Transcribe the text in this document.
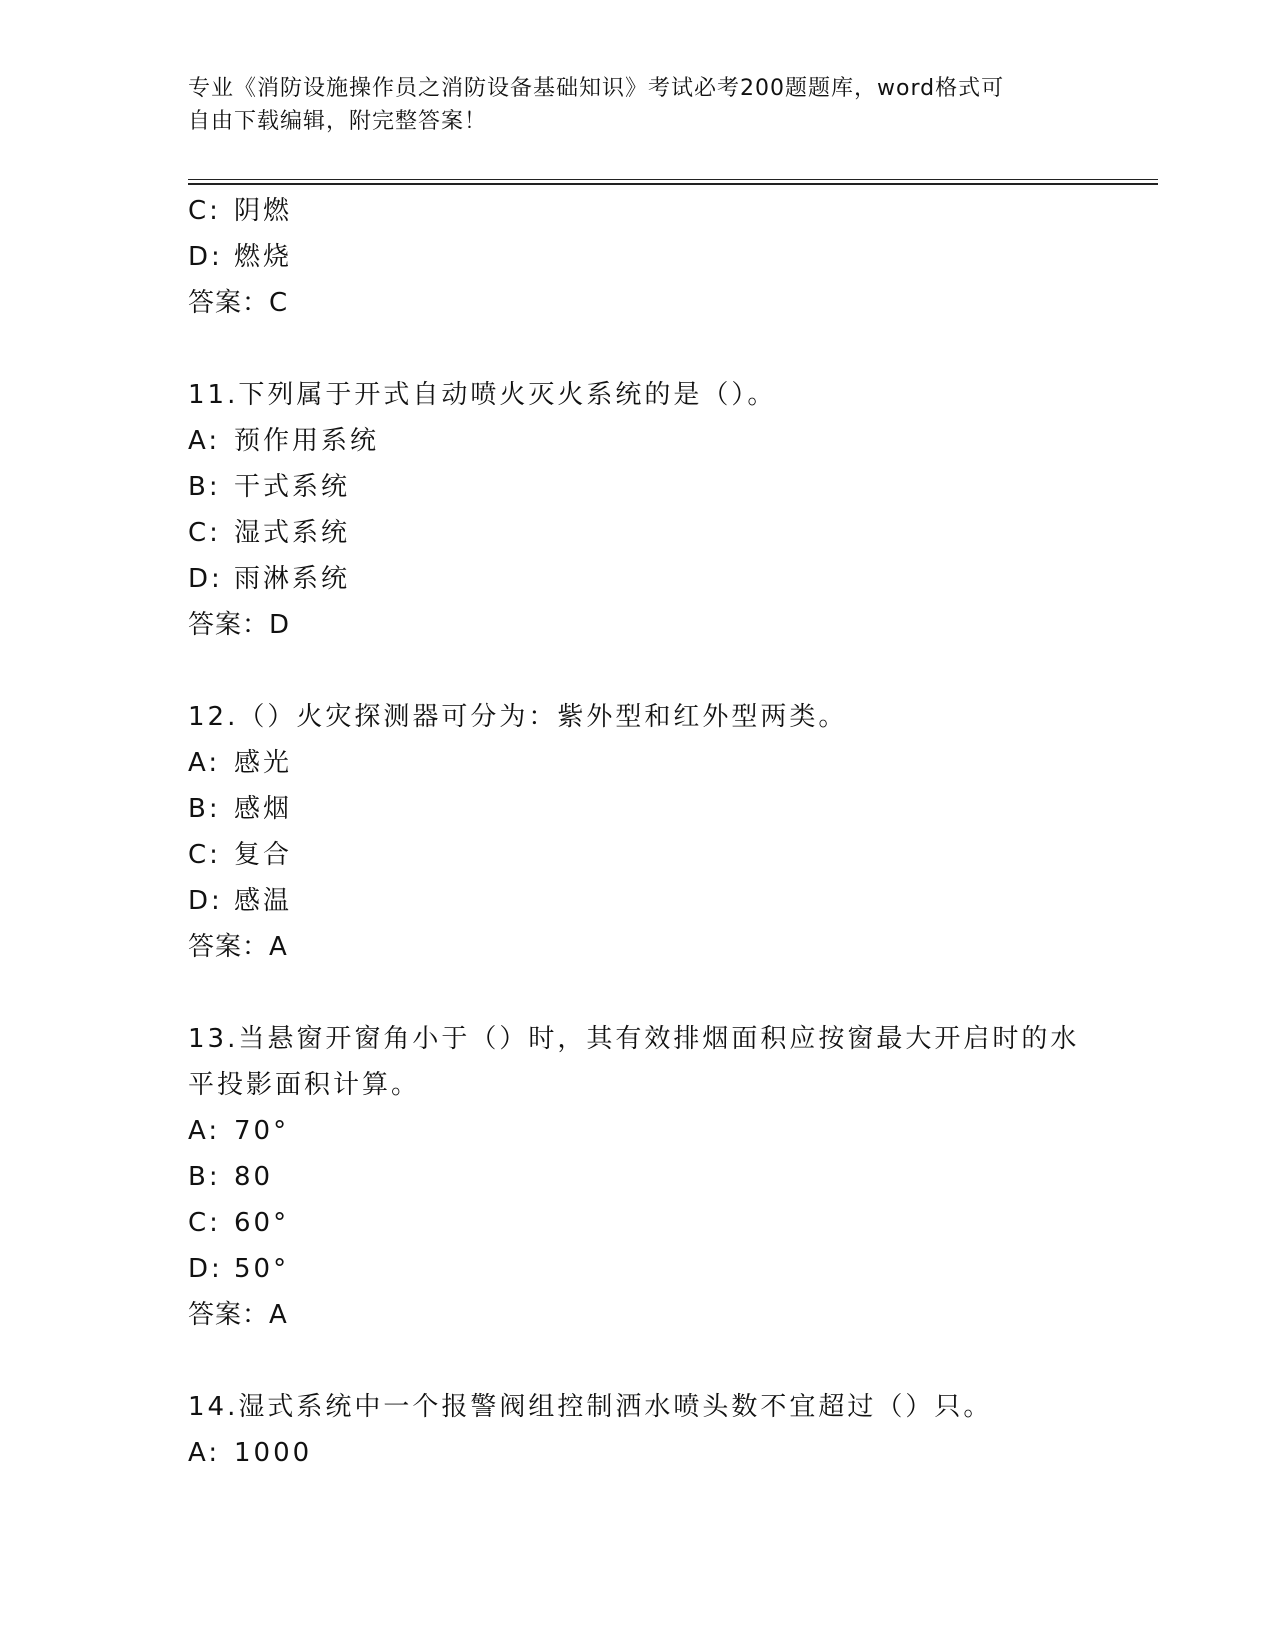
专业《消防设施操作员之消防设备基础知识》考试必考200题题库，word格式可
自由下载编辑，附完整答案！
C: 阴燃
D: 燃烧
答案：C
11.下列属于开式自动喷火灭火系统的是（）。
A: 预作用系统
B: 干式系统
C: 湿式系统
D: 雨淋系统
答案：D
12.（）火灾探测器可分为：紫外型和红外型两类。
A: 感光
B: 感烟
C: 复合
D: 感温
答案：A
13.当悬窗开窗角小于（）时，其有效排烟面积应按窗最大开启时的水平投影面积计算。
A: 70°
B: 80
C: 60°
D: 50°
答案：A
14.湿式系统中一个报警阀组控制洒水喷头数不宜超过（）只。
A: 1000
